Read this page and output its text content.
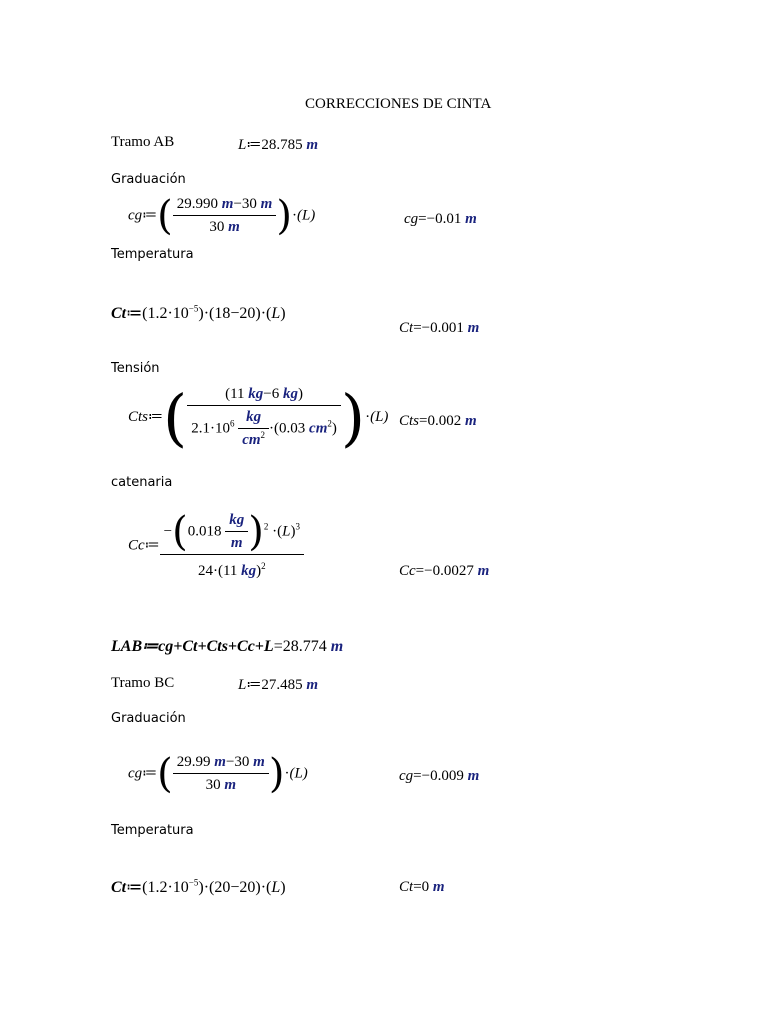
CORRECCIONES DE CINTA
Tramo AB	L≔28.785 m
Graduación
cg≔( $\frac{29.990 m-30 m}{30 m} )\cdot(L)$	cg=−0.01 m
Temperatura
$Ct≔(1.2\cdot 10^{-5})\cdot(18-20)\cdot(L)$
Ct=−0.001 m
Tensión
Cts≔( $\frac{(11 kg-6 kg)}{2.1\cdot 10^6 \frac{kg}{cm^2} \cdot(0.03 cm^2)} )\cdot(L)$ Cts=0.002 m
catenaria
Cc≔ $\frac{-(0.018 \frac{kg}{m} )^2 \cdot(L)^3}{24\cdot(11 kg)^2}$	Cc=−0.0027 m
LAB≔cg+Ct+Cts+Cc+L=28.774 m
Tramo BC	L≔27.485 m
Graduación
cg≔( $\frac{29.99 m-30 m}{30 m} )\cdot(L)$	cg=−0.009 m
Temperatura
$Ct≔(1.2\cdot 10^{-5})\cdot(20-20)\cdot(L)$	Ct=0 m
